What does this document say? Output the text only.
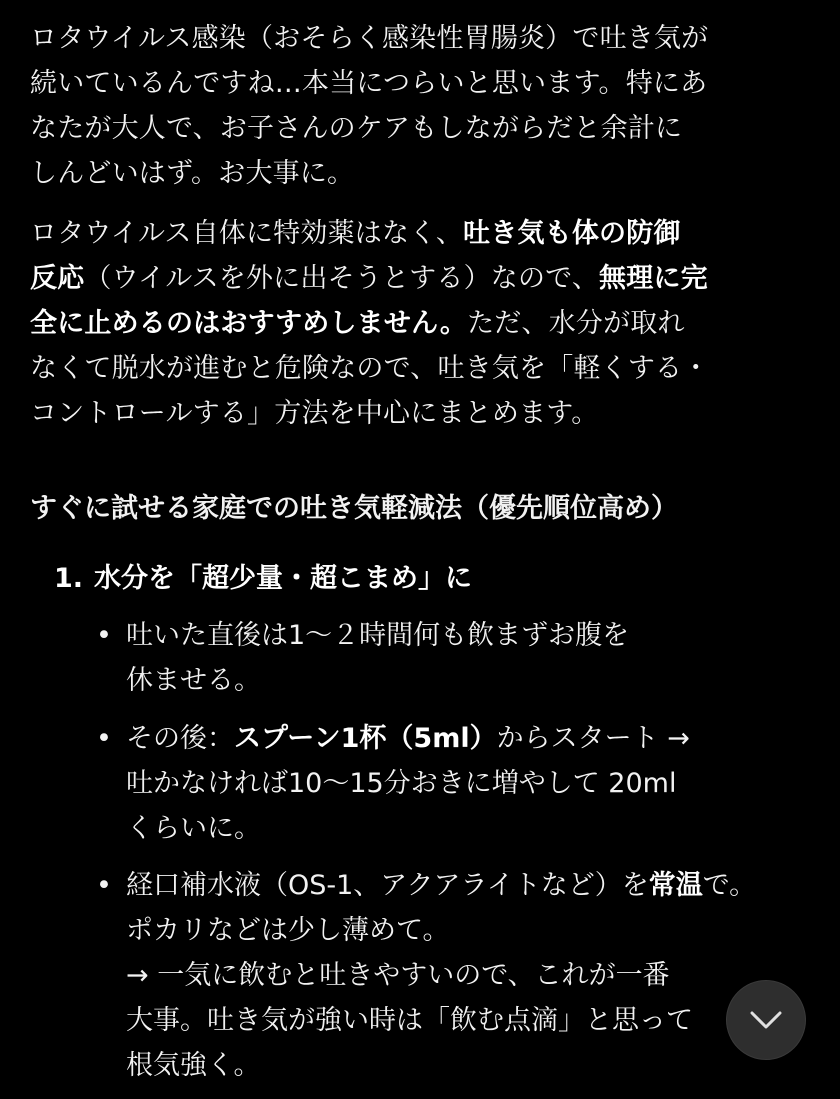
ロタウイルス感染（おそらく感染性胃腸炎）で吐き気が
続いているんですね…本当につらいと思います。特にあ
なたが大人で、お子さんのケアもしながらだと余計に
しんどいはず。お大事に。

ロタウイルス自体に特効薬はなく、吐き気も体の防御
反応（ウイルスを外に出そうとする）なので、無理に完
全に止めるのはおすすめしません。ただ、水分が取れ
なくて脱水が進むと危険なので、吐き気を「軽くする・
コントロールする」方法を中心にまとめます。

すぐに試せる家庭での吐き気軽減法（優先順位高め）
1. 水分を「超少量・超こまめ」に
• 吐いた直後は1〜２時間何も飲まずお腹を
休ませる。
• その後：スプーン1杯（5ml）からスタート →
吐かなければ10〜15分おきに増やして 20ml
くらいに。
• 経口補水液（OS-1、アクアライトなど）を常温で。
ポカリなどは少し薄めて。
→ 一気に飲むと吐きやすいので、これが一番
大事。吐き気が強い時は「飲む点滴」と思って
根気強く。
